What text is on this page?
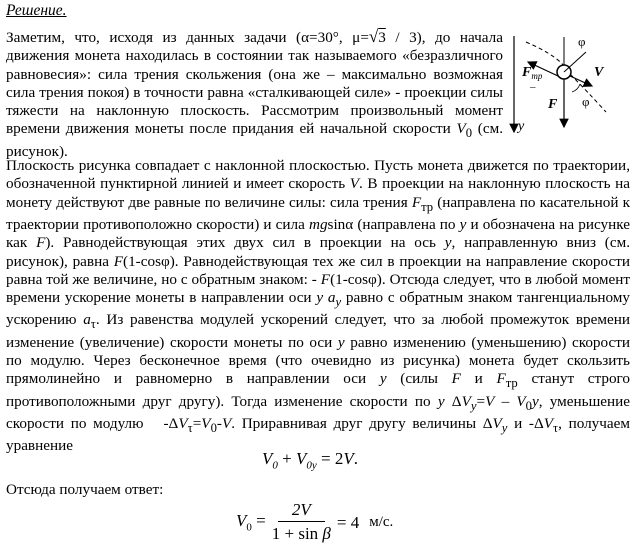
Решение.

Заметим, что, исходя из данных задачи (α=30°, μ=√3 / 3), до начала движения монета находилась в состоянии так называемого «безразличного равновесия»: сила трения скольжения (она же – максимально возможная сила трения покоя) в точности равна «сталкивающей силе» - проекции силы тяжести на наклонную плоскость. Рассмотрим произвольный момент времени движения монеты после придания ей начальной скорости $V_0$ (см. рисунок).

Плоскость рисунка совпадает с наклонной плоскостью. Пусть монета движется по траектории, обозначенной пунктирной линией и имеет скорость V. В проекции на наклонную плоскость на монету действуют две равные по величине силы: сила трения $F_{тр}$ (направлена по касательной к траектории противоположно скорости) и сила mgsinα (направлена по y и обозначена на рисунке как F). Равнодействующая этих двух сил в проекции на ось y, направленную вниз (см. рисунок), равна F(1-cosφ). Равнодействующая тех же сил в проекции на направление скорости равна той же величине, но с обратным знаком: - F(1-cosφ). Отсюда следует, что в любой момент времени ускорение монеты в направлении оси y $a_y$ равно с обратным знаком тангенциальному ускорению $a_\tau$. Из равенства модулей ускорений следует, что за любой промежуток времени изменение (увеличение) скорости монеты по оси y равно изменению (уменьшению) скорости по модулю. Через бесконечное время (что очевидно из рисунка) монета будет скользить прямолинейно и равномерно в направлении оси y (силы F и $F_{тр}$ станут строго противоположными друг другу). Тогда изменение скорости по y $\Delta V_y=V - V_0y$, уменьшение скорости по модулю   $-\Delta V_\tau=V_0-V$. Приравнивая друг другу величины $\Delta V_y$ и $-\Delta V_\tau$, получаем уравнение

$V_0 + V_{0y} = 2V$.
Отсюда получаем ответ:
$V_0 = \frac{2V}{\text{1 + sin β}} = 4$ м/с.
y
$F_{тр}$	V
F
φ
φ
–
